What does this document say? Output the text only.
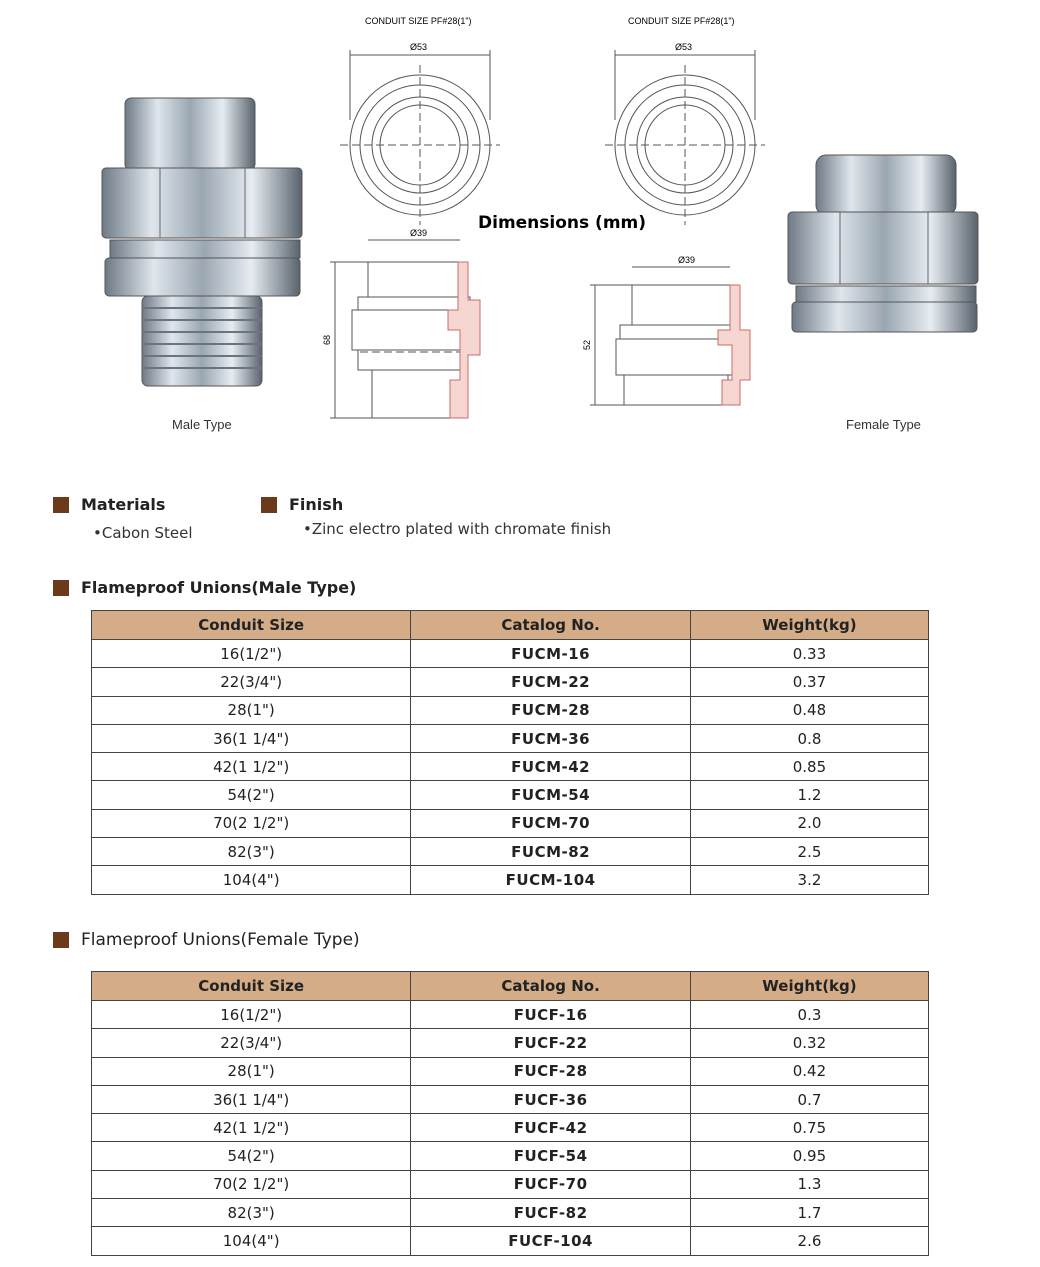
CONDUIT SIZE PF#28(1")	CONDUIT SIZE PF#28(1")
Ø53	Ø53
Ø39
Ø39
68	52
Dimensions (mm)
Male Type	Female Type
Materials
•Cabon Steel
Finish
•Zinc electro plated with chromate finish
Flameproof Unions(Male Type)
Conduit Size	Catalog No.	Weight(kg)
16(1/2")	FUCM-16	0.33
22(3/4")	FUCM-22	0.37
28(1")	FUCM-28	0.48
36(1 1/4")	FUCM-36	0.8
42(1 1/2")	FUCM-42	0.85
54(2")	FUCM-54	1.2
70(2 1/2")	FUCM-70	2.0
82(3")	FUCM-82	2.5
104(4")	FUCM-104	3.2
Flameproof Unions(Female Type)
Conduit Size	Catalog No.	Weight(kg)
16(1/2")	FUCF-16	0.3
22(3/4")	FUCF-22	0.32
28(1")	FUCF-28	0.42
36(1 1/4")	FUCF-36	0.7
42(1 1/2")	FUCF-42	0.75
54(2")	FUCF-54	0.95
70(2 1/2")	FUCF-70	1.3
82(3")	FUCF-82	1.7
104(4")	FUCF-104	2.6
